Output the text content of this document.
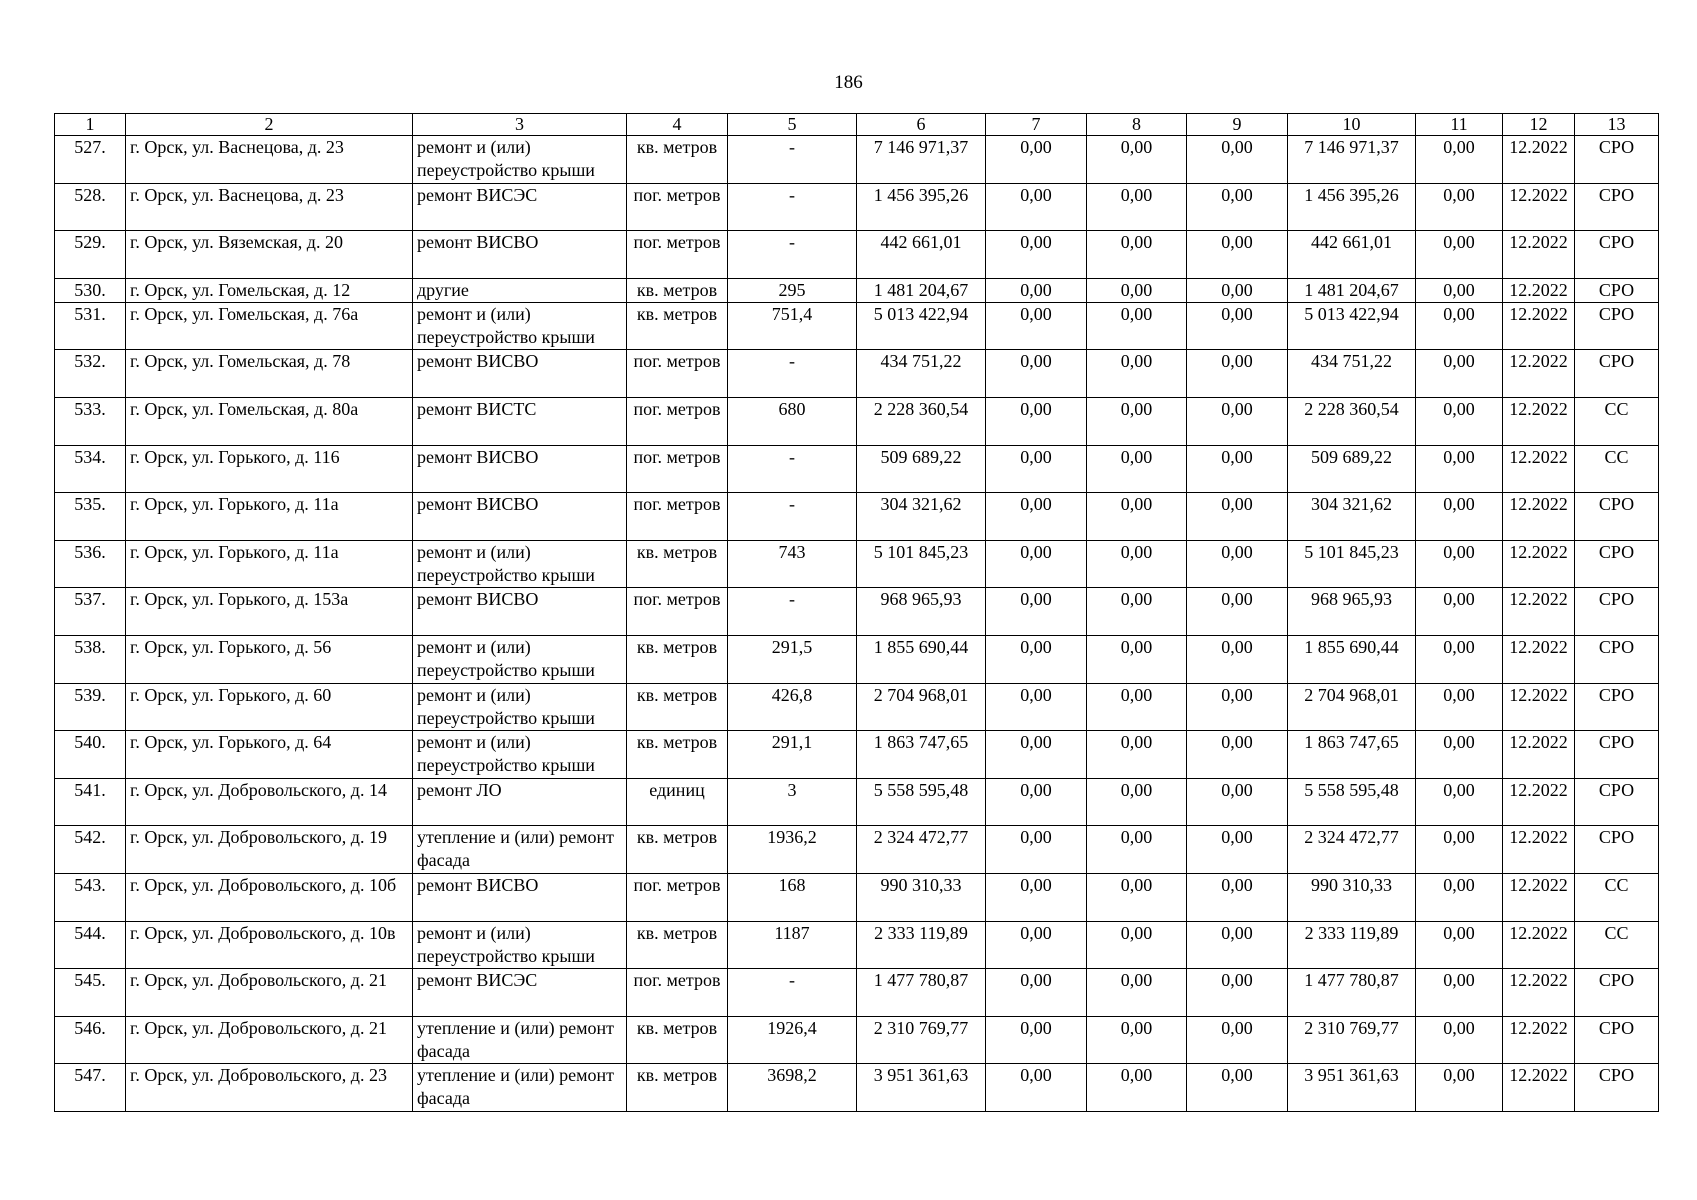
186
1	2	3	4	5	6	7	8	9	10	11	12	13
527.	г. Орск, ул. Васнецова, д. 23	ремонт и (или) переустройство крыши	кв. метров	-	7 146 971,37	0,00	0,00	0,00	7 146 971,37	0,00	12.2022	СРО
528.	г. Орск, ул. Васнецова, д. 23	ремонт ВИСЭС	пог. метров	-	1 456 395,26	0,00	0,00	0,00	1 456 395,26	0,00	12.2022	СРО
529.	г. Орск, ул. Вяземская, д. 20	ремонт ВИСВО	пог. метров	-	442 661,01	0,00	0,00	0,00	442 661,01	0,00	12.2022	СРО
530.	г. Орск, ул. Гомельская, д. 12	другие	кв. метров	295	1 481 204,67	0,00	0,00	0,00	1 481 204,67	0,00	12.2022	СРО
531.	г. Орск, ул. Гомельская, д. 76а	ремонт и (или) переустройство крыши	кв. метров	751,4	5 013 422,94	0,00	0,00	0,00	5 013 422,94	0,00	12.2022	СРО
532.	г. Орск, ул. Гомельская, д. 78	ремонт ВИСВО	пог. метров	-	434 751,22	0,00	0,00	0,00	434 751,22	0,00	12.2022	СРО
533.	г. Орск, ул. Гомельская, д. 80а	ремонт ВИСТС	пог. метров	680	2 228 360,54	0,00	0,00	0,00	2 228 360,54	0,00	12.2022	СС
534.	г. Орск, ул. Горького, д. 116	ремонт ВИСВО	пог. метров	-	509 689,22	0,00	0,00	0,00	509 689,22	0,00	12.2022	СС
535.	г. Орск, ул. Горького, д. 11а	ремонт ВИСВО	пог. метров	-	304 321,62	0,00	0,00	0,00	304 321,62	0,00	12.2022	СРО
536.	г. Орск, ул. Горького, д. 11а	ремонт и (или) переустройство крыши	кв. метров	743	5 101 845,23	0,00	0,00	0,00	5 101 845,23	0,00	12.2022	СРО
537.	г. Орск, ул. Горького, д. 153а	ремонт ВИСВО	пог. метров	-	968 965,93	0,00	0,00	0,00	968 965,93	0,00	12.2022	СРО
538.	г. Орск, ул. Горького, д. 56	ремонт и (или) переустройство крыши	кв. метров	291,5	1 855 690,44	0,00	0,00	0,00	1 855 690,44	0,00	12.2022	СРО
539.	г. Орск, ул. Горького, д. 60	ремонт и (или) переустройство крыши	кв. метров	426,8	2 704 968,01	0,00	0,00	0,00	2 704 968,01	0,00	12.2022	СРО
540.	г. Орск, ул. Горького, д. 64	ремонт и (или) переустройство крыши	кв. метров	291,1	1 863 747,65	0,00	0,00	0,00	1 863 747,65	0,00	12.2022	СРО
541.	г. Орск, ул. Добровольского, д. 14	ремонт ЛО	единиц	3	5 558 595,48	0,00	0,00	0,00	5 558 595,48	0,00	12.2022	СРО
542.	г. Орск, ул. Добровольского, д. 19	утепление и (или) ремонт фасада	кв. метров	1936,2	2 324 472,77	0,00	0,00	0,00	2 324 472,77	0,00	12.2022	СРО
543.	г. Орск, ул. Добровольского, д. 10б	ремонт ВИСВО	пог. метров	168	990 310,33	0,00	0,00	0,00	990 310,33	0,00	12.2022	СС
544.	г. Орск, ул. Добровольского, д. 10в	ремонт и (или) переустройство крыши	кв. метров	1187	2 333 119,89	0,00	0,00	0,00	2 333 119,89	0,00	12.2022	СС
545.	г. Орск, ул. Добровольского, д. 21	ремонт ВИСЭС	пог. метров	-	1 477 780,87	0,00	0,00	0,00	1 477 780,87	0,00	12.2022	СРО
546.	г. Орск, ул. Добровольского, д. 21	утепление и (или) ремонт фасада	кв. метров	1926,4	2 310 769,77	0,00	0,00	0,00	2 310 769,77	0,00	12.2022	СРО
547.	г. Орск, ул. Добровольского, д. 23	утепление и (или) ремонт фасада	кв. метров	3698,2	3 951 361,63	0,00	0,00	0,00	3 951 361,63	0,00	12.2022	СРО
